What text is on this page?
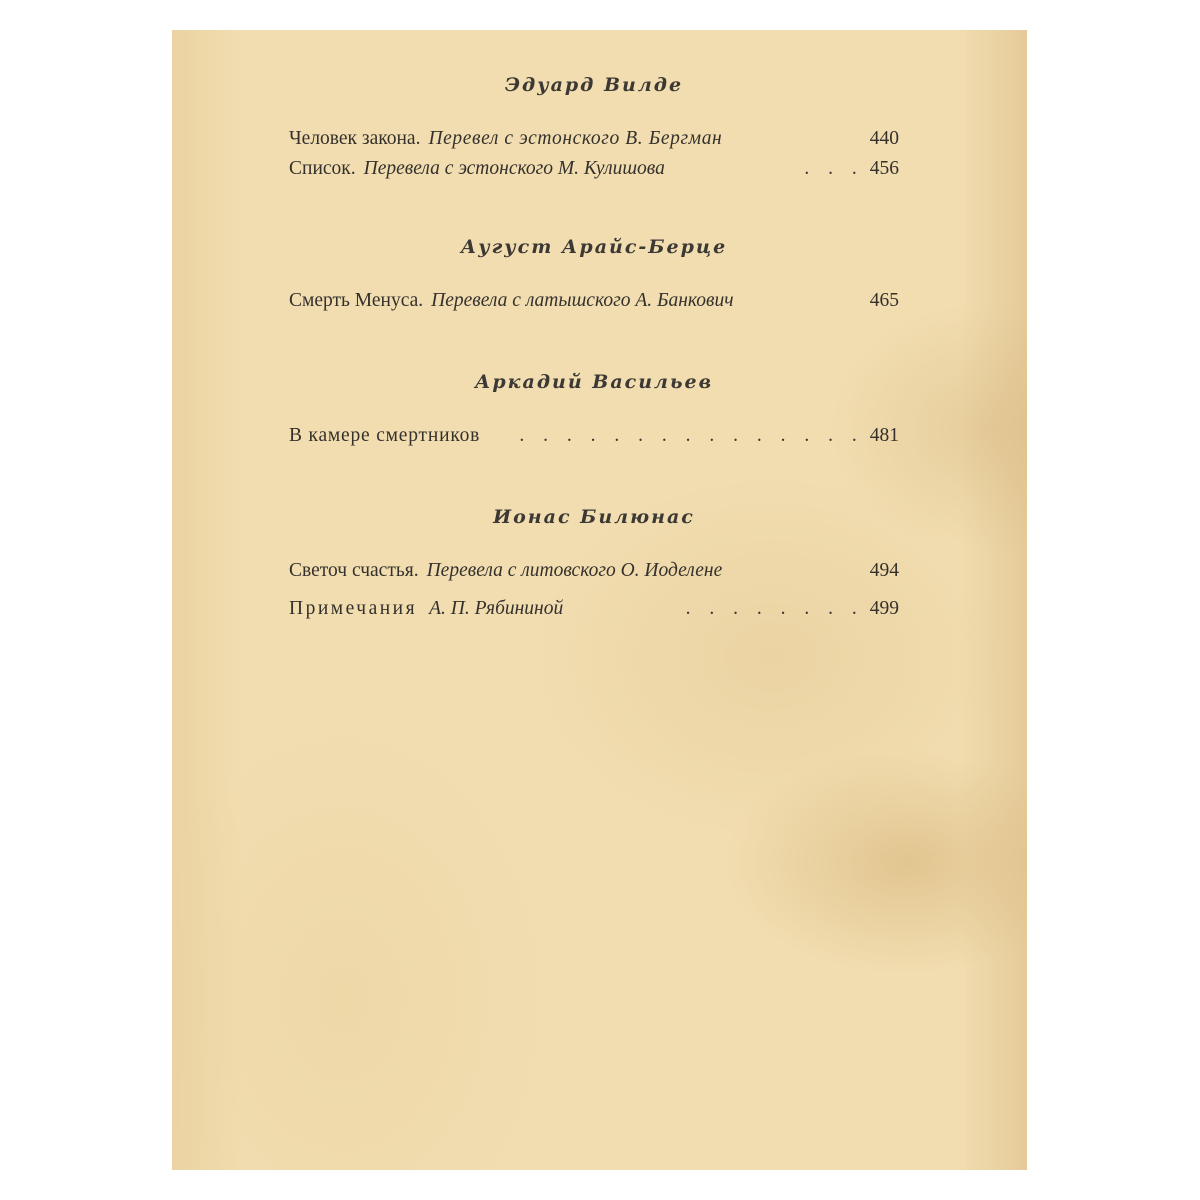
Эдуард Вилде
Человек закона. Перевел с эстонского В. Бергман	440
Список. Перевела с эстонского М. Кулишова	. . . 456
Аугуст Арайс-Берце
Смерть Менуса. Перевела с латышского А. Банкович	465
Аркадий Васильев
В камере смертников	. . . . . . . . . . . . . . . 481
Ионас Билюнас
Светоч счастья. Перевела с литовского О. Иоделене	494
Примечания А. П. Рябининой	. . . . . . . . 499
